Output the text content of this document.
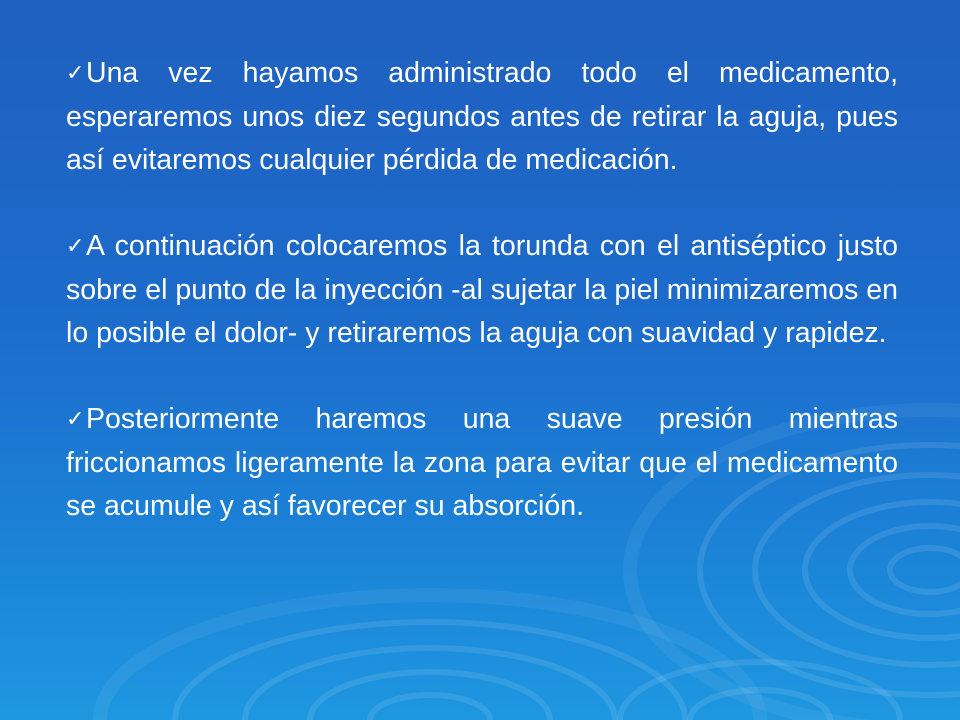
✓Una vez hayamos administrado todo el medicamento, esperaremos unos diez segundos antes de retirar la aguja, pues así evitaremos cualquier pérdida de medicación.

✓A continuación colocaremos la torunda con el antiséptico justo sobre el punto de la inyección -al sujetar la piel minimizaremos en lo posible el dolor- y retiraremos la aguja con suavidad y rapidez.

✓Posteriormente haremos una suave presión mientras friccionamos ligeramente la zona para evitar que el medicamento se acumule y así favorecer su absorción.
